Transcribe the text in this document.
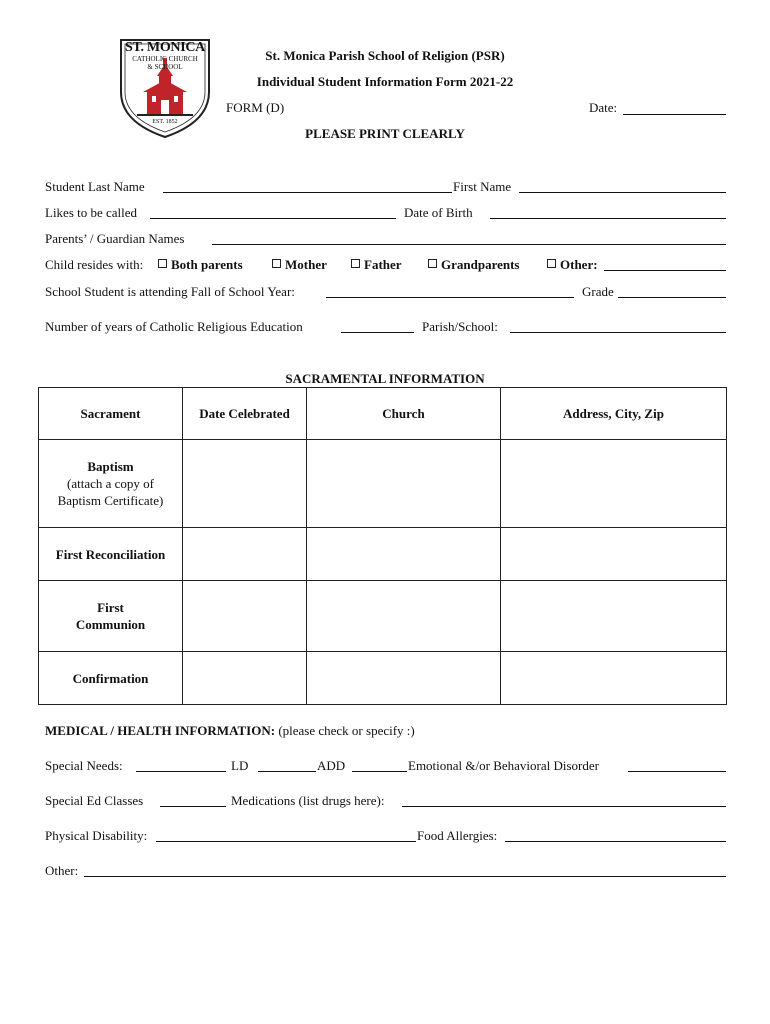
ST. MONICA
CATHOLIC CHURCH
& SCHOOL
EST. 1852
St. Monica Parish School of Religion (PSR)
Individual Student Information Form 2021-22
FORM (D)	Date:
PLEASE PRINT CLEARLY
Student Last Name	First Name
Likes to be called	Date of Birth
Parents’ / Guardian Names
Child resides with:	Both parents	Mother	Father	Grandparents	Other:
School Student is attending Fall of School Year:	Grade
Number of years of Catholic Religious Education	Parish/School:
SACRAMENTAL INFORMATION
Sacrament	Date Celebrated	Church	Address, City, Zip

Baptism
(attach a copy of
Baptism Certificate)			

First Reconciliation			

First
Communion			

Confirmation			

MEDICAL / HEALTH INFORMATION: (please check or specify :)
Special Needs:	LD	ADD	Emotional &/or Behavioral Disorder
Special Ed Classes	Medications (list drugs here):
Physical Disability:	Food Allergies:
Other:
